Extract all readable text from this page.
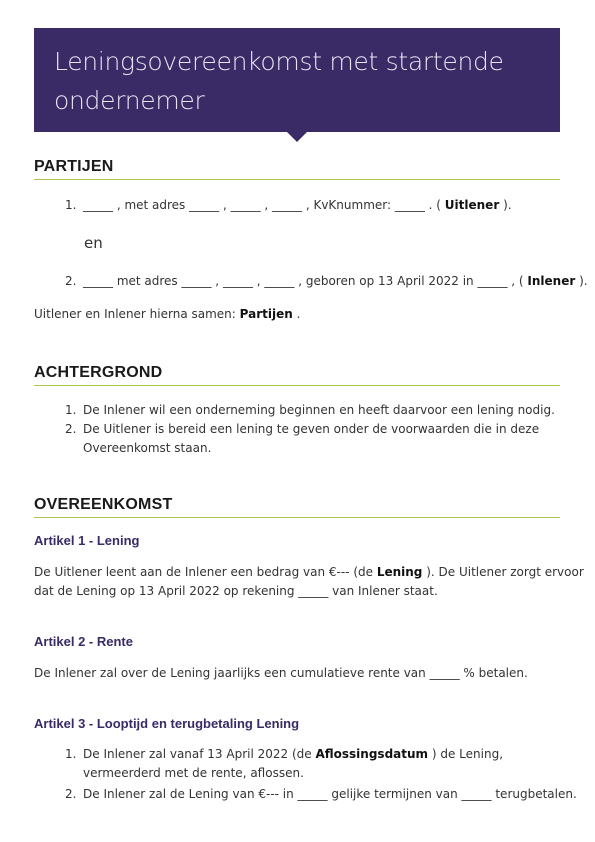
Leningsovereenkomst met startende
ondernemer
PARTIJEN
1. _____ , met adres _____ , _____ , _____ , KvKnummer: _____ . ( Uitlener ).
en
2. _____ met adres _____ , _____ , _____ , geboren op 13 April 2022 in _____ , ( Inlener ).
Uitlener en Inlener hierna samen: Partijen .
ACHTERGROND
1. De Inlener wil een onderneming beginnen en heeft daarvoor een lening nodig.
2. De Uitlener is bereid een lening te geven onder de voorwaarden die in deze
Overeenkomst staan.
OVEREENKOMST
Artikel 1 - Lening
De Uitlener leent aan de Inlener een bedrag van €--- (de Lening ). De Uitlener zorgt ervoor
dat de Lening op 13 April 2022 op rekening _____ van Inlener staat.
Artikel 2 - Rente
De Inlener zal over de Lening jaarlijks een cumulatieve rente van _____ % betalen.
Artikel 3 - Looptijd en terugbetaling Lening
1. De Inlener zal vanaf 13 April 2022 (de Aflossingsdatum ) de Lening,
vermeerderd met de rente, aflossen.
2. De Inlener zal de Lening van €--- in _____ gelijke termijnen van _____ terugbetalen.
